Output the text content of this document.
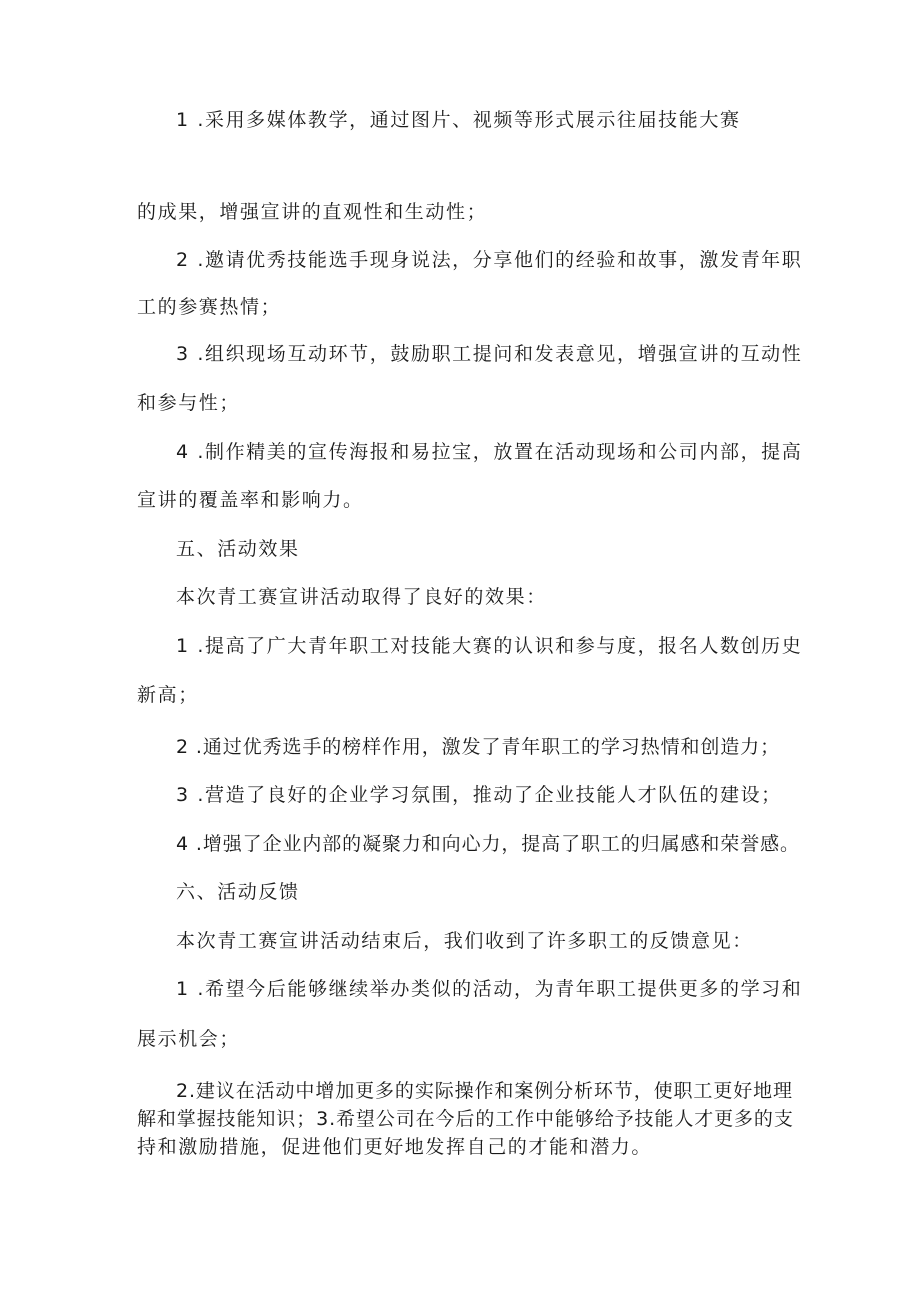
1 .采用多媒体教学，通过图片、视频等形式展示往届技能大赛
的成果，增强宣讲的直观性和生动性；
2 .邀请优秀技能选手现身说法，分享他们的经验和故事，激发青年职
工的参赛热情；
3 .组织现场互动环节，鼓励职工提问和发表意见，增强宣讲的互动性
和参与性；
4 .制作精美的宣传海报和易拉宝，放置在活动现场和公司内部，提高
宣讲的覆盖率和影响力。
五、活动效果
本次青工赛宣讲活动取得了良好的效果：
1 .提高了广大青年职工对技能大赛的认识和参与度，报名人数创历史
新高；
2 .通过优秀选手的榜样作用，激发了青年职工的学习热情和创造力；
3 .营造了良好的企业学习氛围，推动了企业技能人才队伍的建设；
4 .增强了企业内部的凝聚力和向心力，提高了职工的归属感和荣誉感。
六、活动反馈
本次青工赛宣讲活动结束后，我们收到了许多职工的反馈意见：
1 .希望今后能够继续举办类似的活动，为青年职工提供更多的学习和
展示机会；
2.建议在活动中增加更多的实际操作和案例分析环节，使职工更好地理
解和掌握技能知识；3.希望公司在今后的工作中能够给予技能人才更多的支
持和激励措施，促进他们更好地发挥自己的才能和潜力。
